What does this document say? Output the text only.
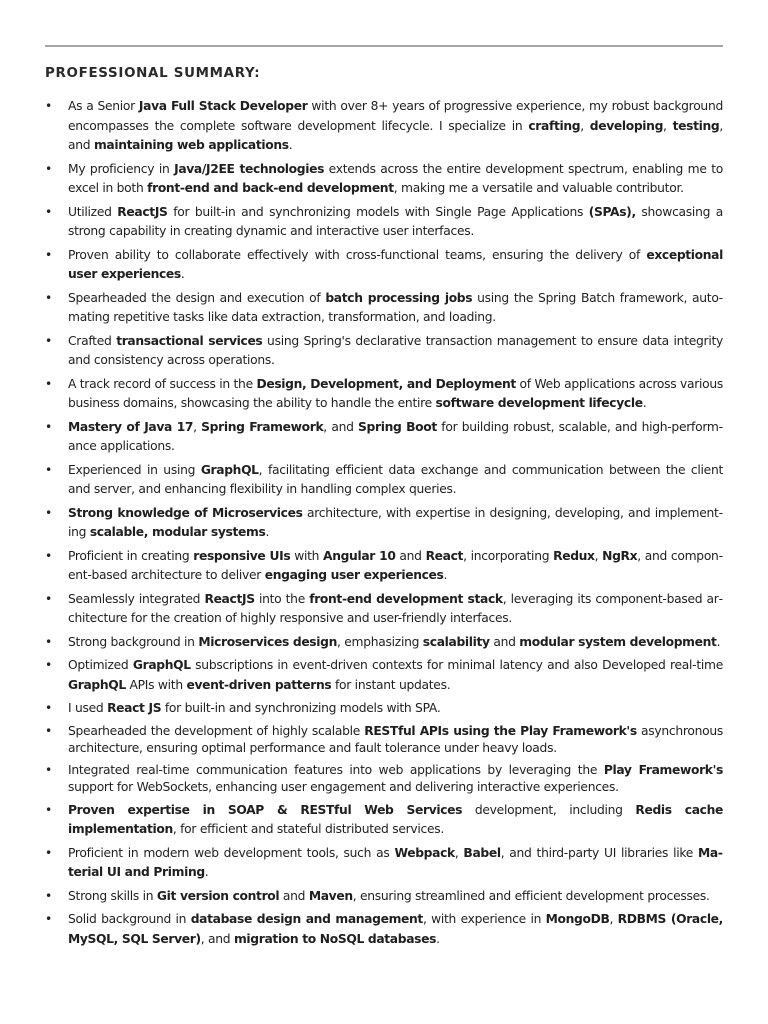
PROFESSIONAL SUMMARY:
• As a Senior Java Full Stack Developer with over 8+ years of progressive experience, my robust background encompasses the complete software development lifecycle. I specialize in crafting, developing, testing, and maintaining web applications.
• My proficiency in Java/J2EE technologies extends across the entire development spectrum, enabling me to excel in both front-end and back-end development, making me a versatile and valuable contributor.
• Utilized ReactJS for built-in and synchronizing models with Single Page Applications (SPAs), showcasing a strong capability in creating dynamic and interactive user interfaces.
• Proven ability to collaborate effectively with cross-functional teams, ensuring the delivery of exceptional user experiences.
• Spearheaded the design and execution of batch processing jobs using the Spring Batch framework, automating repetitive tasks like data extraction, transformation, and loading.
• Crafted transactional services using Spring's declarative transaction management to ensure data integrity and consistency across operations.
• A track record of success in the Design, Development, and Deployment of Web applications across various business domains, showcasing the ability to handle the entire software development lifecycle.
• Mastery of Java 17, Spring Framework, and Spring Boot for building robust, scalable, and high-performance applications.
• Experienced in using GraphQL, facilitating efficient data exchange and communication between the client and server, and enhancing flexibility in handling complex queries.
• Strong knowledge of Microservices architecture, with expertise in designing, developing, and implementing scalable, modular systems.
• Proficient in creating responsive UIs with Angular 10 and React, incorporating Redux, NgRx, and component-based architecture to deliver engaging user experiences.
• Seamlessly integrated ReactJS into the front-end development stack, leveraging its component-based architecture for the creation of highly responsive and user-friendly interfaces.
• Strong background in Microservices design, emphasizing scalability and modular system development.
• Optimized GraphQL subscriptions in event-driven contexts for minimal latency and also Developed real-time GraphQL APIs with event-driven patterns for instant updates.
• I used React JS for built-in and synchronizing models with SPA.
• Spearheaded the development of highly scalable RESTful APIs using the Play Framework's asynchronous architecture, ensuring optimal performance and fault tolerance under heavy loads.
• Integrated real-time communication features into web applications by leveraging the Play Framework's support for WebSockets, enhancing user engagement and delivering interactive experiences.
• Proven expertise in SOAP & RESTful Web Services development, including Redis cache implementation, for efficient and stateful distributed services.
• Proficient in modern web development tools, such as Webpack, Babel, and third-party UI libraries like Material UI and Priming.
• Strong skills in Git version control and Maven, ensuring streamlined and efficient development processes.
• Solid background in database design and management, with experience in MongoDB, RDBMS (Oracle, MySQL, SQL Server), and migration to NoSQL databases.
